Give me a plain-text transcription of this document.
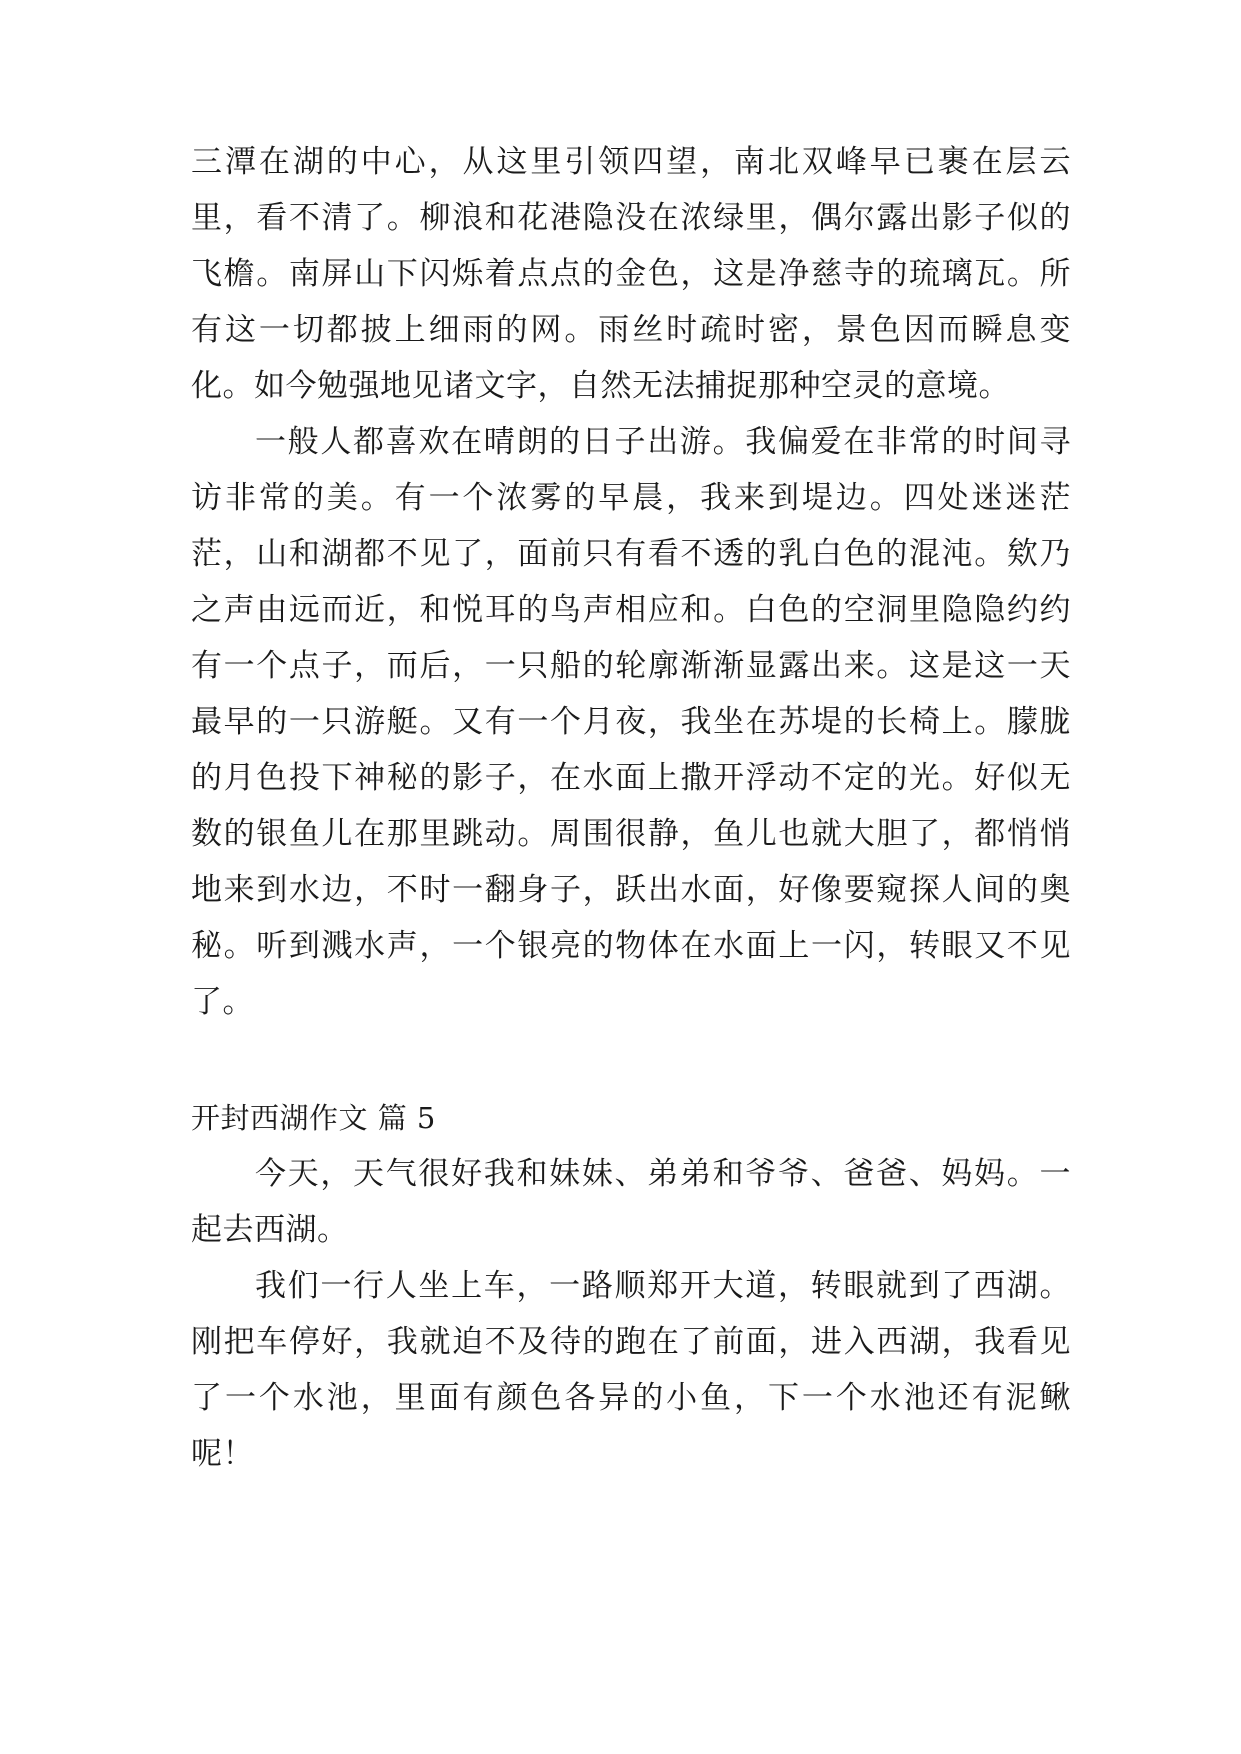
三潭在湖的中心，从这里引领四望，南北双峰早已裹在层云里，看不清了。柳浪和花港隐没在浓绿里，偶尔露出影子似的飞檐。南屏山下闪烁着点点的金色，这是净慈寺的琉璃瓦。所有这一切都披上细雨的网。雨丝时疏时密，景色因而瞬息变化。如今勉强地见诸文字，自然无法捕捉那种空灵的意境。

一般人都喜欢在晴朗的日子出游。我偏爱在非常的时间寻访非常的美。有一个浓雾的早晨，我来到堤边。四处迷迷茫茫，山和湖都不见了，面前只有看不透的乳白色的混沌。欸乃之声由远而近，和悦耳的鸟声相应和。白色的空洞里隐隐约约有一个点子，而后，一只船的轮廓渐渐显露出来。这是这一天最早的一只游艇。又有一个月夜，我坐在苏堤的长椅上。朦胧的月色投下神秘的影子，在水面上撒开浮动不定的光。好似无数的银鱼儿在那里跳动。周围很静，鱼儿也就大胆了，都悄悄地来到水边，不时一翻身子，跃出水面，好像要窥探人间的奥秘。听到溅水声，一个银亮的物体在水面上一闪，转眼又不见了。

开封西湖作文 篇 5

今天，天气很好我和妹妹、弟弟和爷爷、爸爸、妈妈。一起去西湖。

我们一行人坐上车，一路顺郑开大道，转眼就到了西湖。刚把车停好，我就迫不及待的跑在了前面，进入西湖，我看见了一个水池，里面有颜色各异的小鱼，下一个水池还有泥鳅呢！
